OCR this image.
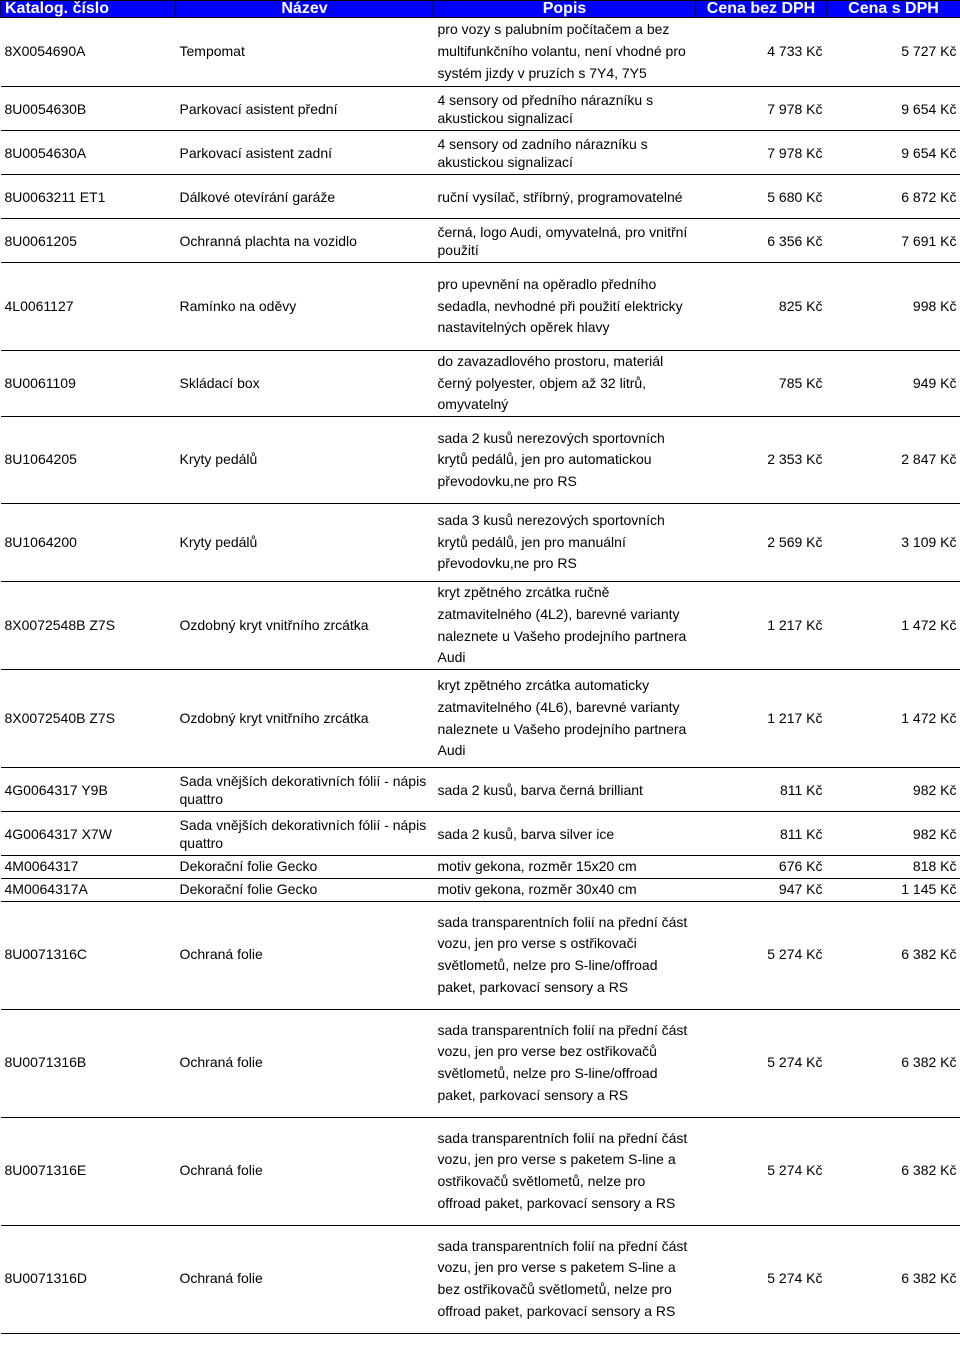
Katalog. číslo	Název	Popis	Cena bez DPH	Cena s DPH
8X0054690A	Tempomat	pro vozy s palubním počítačem a bez multifunkčního volantu, není vhodné pro systém jizdy v pruzích s 7Y4, 7Y5	4 733 Kč	5 727 Kč
8U0054630B	Parkovací asistent přední	4 sensory od předního nárazníku s akustickou signalizací	7 978 Kč	9 654 Kč
8U0054630A	Parkovací asistent zadní	4 sensory od zadního nárazníku s akustickou signalizací	7 978 Kč	9 654 Kč
8U0063211 ET1	Dálkové otevírání garáže	ruční vysílač, stříbrný, programovatelné	5 680 Kč	6 872 Kč
8U0061205	Ochranná plachta na vozidlo	černá, logo Audi, omyvatelná, pro vnitřní použití	6 356 Kč	7 691 Kč
4L0061127	Ramínko na oděvy	pro upevnění na opěradlo předního sedadla, nevhodné při použití elektricky nastavitelných opěrek hlavy	825 Kč	998 Kč
8U0061109	Skládací box	do zavazadlového prostoru, materiál černý polyester, objem až 32 litrů, omyvatelný	785 Kč	949 Kč
8U1064205	Kryty pedálů	sada 2 kusů nerezových sportovních krytů pedálů, jen pro automatickou převodovku,ne pro RS	2 353 Kč	2 847 Kč
8U1064200	Kryty pedálů	sada 3 kusů nerezových sportovních krytů pedálů, jen pro manuální převodovku,ne pro RS	2 569 Kč	3 109 Kč
8X0072548B Z7S	Ozdobný kryt vnitřního zrcátka	kryt zpětného zrcátka ručně zatmavitelného (4L2), barevné varianty naleznete u Vašeho prodejního partnera Audi	1 217 Kč	1 472 Kč
8X0072540B Z7S	Ozdobný kryt vnitřního zrcátka	kryt zpětného zrcátka automaticky zatmavitelného (4L6), barevné varianty naleznete u Vašeho prodejního partnera Audi	1 217 Kč	1 472 Kč
4G0064317 Y9B	Sada vnějších dekorativních fólií - nápis quattro	sada 2 kusů, barva černá brilliant	811 Kč	982 Kč
4G0064317 X7W	Sada vnějších dekorativních fólií - nápis quattro	sada 2 kusů, barva silver ice	811 Kč	982 Kč
4M0064317	Dekorační folie Gecko	motiv gekona, rozměr 15x20 cm	676 Kč	818 Kč
4M0064317A	Dekorační folie Gecko	motiv gekona, rozměr 30x40 cm	947 Kč	1 145 Kč
8U0071316C	Ochraná folie	sada transparentních folií na přední část vozu, jen pro verse s ostřikovači světlometů, nelze pro S-line/offroad paket, parkovací sensory a RS	5 274 Kč	6 382 Kč
8U0071316B	Ochraná folie	sada transparentních folií na přední část vozu, jen pro verse bez ostřikovačů světlometů, nelze pro S-line/offroad paket, parkovací sensory a RS	5 274 Kč	6 382 Kč
8U0071316E	Ochraná folie	sada transparentních folií na přední část vozu, jen pro verse s paketem S-line a ostřikovačů světlometů, nelze pro offroad paket, parkovací sensory a RS	5 274 Kč	6 382 Kč
8U0071316D	Ochraná folie	sada transparentních folií na přední část vozu, jen pro verse s paketem S-line a bez ostřikovačů světlometů, nelze pro offroad paket, parkovací sensory a RS	5 274 Kč	6 382 Kč
